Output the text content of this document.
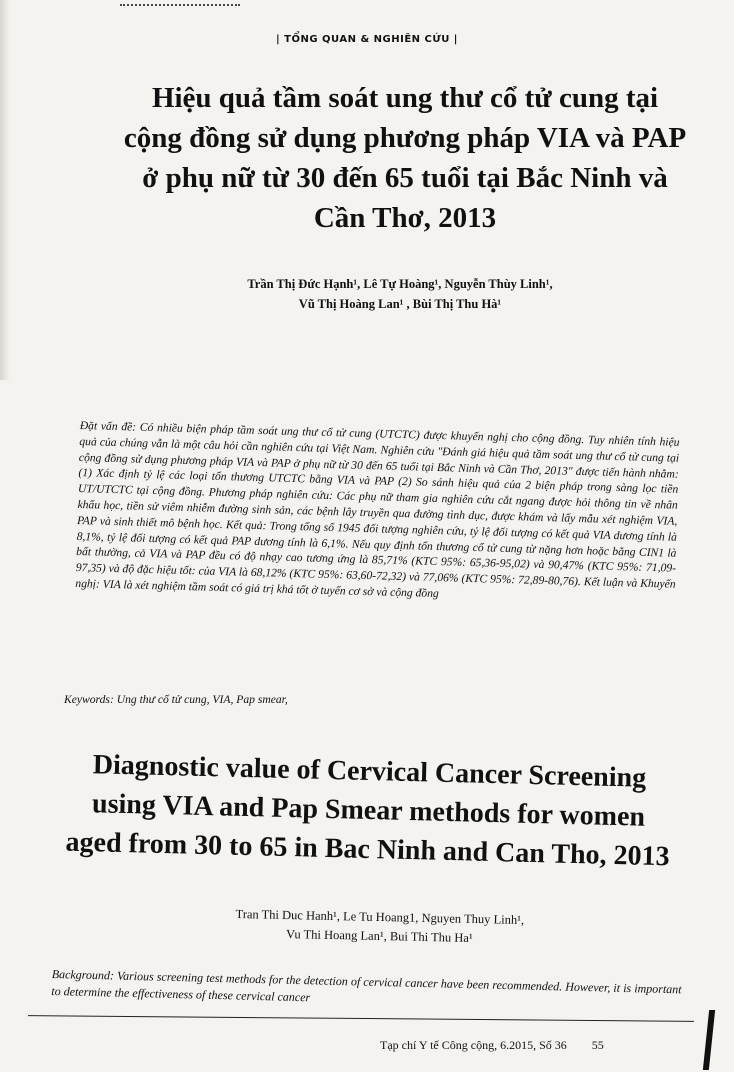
| TỔNG QUAN & NGHIÊN CỨU |
Hiệu quả tầm soát ung thư cổ tử cung tại
cộng đồng sử dụng phương pháp VIA và PAP
ở phụ nữ từ 30 đến 65 tuổi tại Bắc Ninh và
Cần Thơ, 2013
Trần Thị Đức Hạnh¹, Lê Tự Hoàng¹, Nguyễn Thùy Linh¹,
Vũ Thị Hoàng Lan¹ , Bùi Thị Thu Hà¹
Đặt vấn đề: Có nhiều biện pháp tầm soát ung thư cổ tử cung (UTCTC) được khuyến nghị cho cộng đồng. Tuy nhiên tính hiệu quả của chúng vẫn là một câu hỏi cần nghiên cứu tại Việt Nam. Nghiên cứu "Đánh giá hiệu quả tầm soát ung thư cổ tử cung tại cộng đồng sử dụng phương pháp VIA và PAP ở phụ nữ từ 30 đến 65 tuổi tại Bắc Ninh và Cần Thơ, 2013" được tiến hành nhằm: (1) Xác định tỷ lệ các loại tổn thương UTCTC bằng VIA và PAP (2) So sánh hiệu quả của 2 biện pháp trong sàng lọc tiền UT/UTCTC tại cộng đồng. Phương pháp nghiên cứu: Các phụ nữ tham gia nghiên cứu cắt ngang được hỏi thông tin về nhân khẩu học, tiền sử viêm nhiễm đường sinh sản, các bệnh lây truyền qua đường tình dục, được khám và lấy mẫu xét nghiệm VIA, PAP và sinh thiết mô bệnh học. Kết quả: Trong tổng số 1945 đối tượng nghiên cứu, tỷ lệ đối tượng có kết quả VIA dương tính là 8,1%, tỷ lệ đối tượng có kết quả PAP dương tính là 6,1%. Nếu quy định tổn thương cổ tử cung từ nặng hơn hoặc bằng CIN1 là bất thường, cả VIA và PAP đều có độ nhạy cao tương ứng là 85,71% (KTC 95%: 65,36-95,02) và 90,47% (KTC 95%: 71,09-97,35) và độ đặc hiệu tốt: của VIA là 68,12% (KTC 95%: 63,60-72,32) và 77,06% (KTC 95%: 72,89-80,76). Kết luận và Khuyến nghị: VIA là xét nghiệm tầm soát có giá trị khá tốt ở tuyến cơ sở và cộng đồng
Keywords: Ung thư cổ tử cung, VIA, Pap smear,
Diagnostic value of Cervical Cancer Screening
using VIA and Pap Smear methods for women
aged from 30 to 65 in Bac Ninh and Can Tho, 2013
Tran Thi Duc Hanh¹, Le Tu Hoang1, Nguyen Thuy Linh¹,
Vu Thi Hoang Lan¹, Bui Thi Thu Ha¹
Background: Various screening test methods for the detection of cervical cancer have been recommended. However, it is important to determine the effectiveness of these cervical cancer
Tạp chí Y tế Công cộng, 6.2015, Số 36 55
